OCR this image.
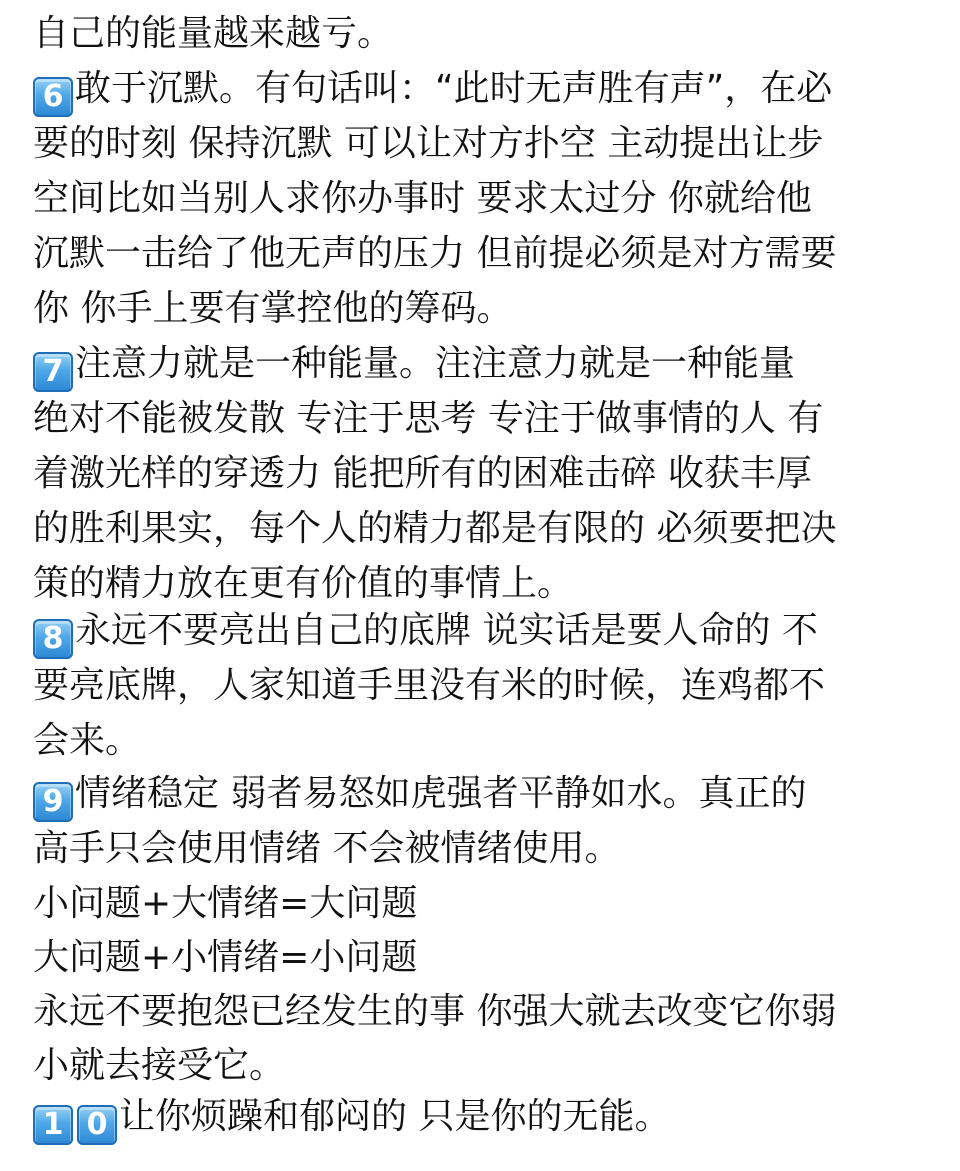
自己的能量越来越亏。
6 敢于沉默。有句话叫：“此时无声胜有声”，在必
要的时刻 保持沉默 可以让对方扑空 主动提出让步
空间比如当别人求你办事时 要求太过分 你就给他
沉默一击给了他无声的压力 但前提必须是对方需要
你 你手上要有掌控他的筹码。
7 注意力就是一种能量。注注意力就是一种能量
绝对不能被发散 专注于思考 专注于做事情的人 有
着激光样的穿透力 能把所有的困难击碎 收获丰厚
的胜利果实，每个人的精力都是有限的 必须要把决
策的精力放在更有价值的事情上。
8 永远不要亮出自己的底牌 说实话是要人命的 不
要亮底牌，人家知道手里没有米的时候，连鸡都不
会来。
9 情绪稳定 弱者易怒如虎强者平静如水。真正的
高手只会使用情绪 不会被情绪使用。
小问题+大情绪=大问题
大问题+小情绪=小问题
永远不要抱怨已经发生的事 你强大就去改变它你弱
小就去接受它。
1 0 让你烦躁和郁闷的 只是你的无能。
